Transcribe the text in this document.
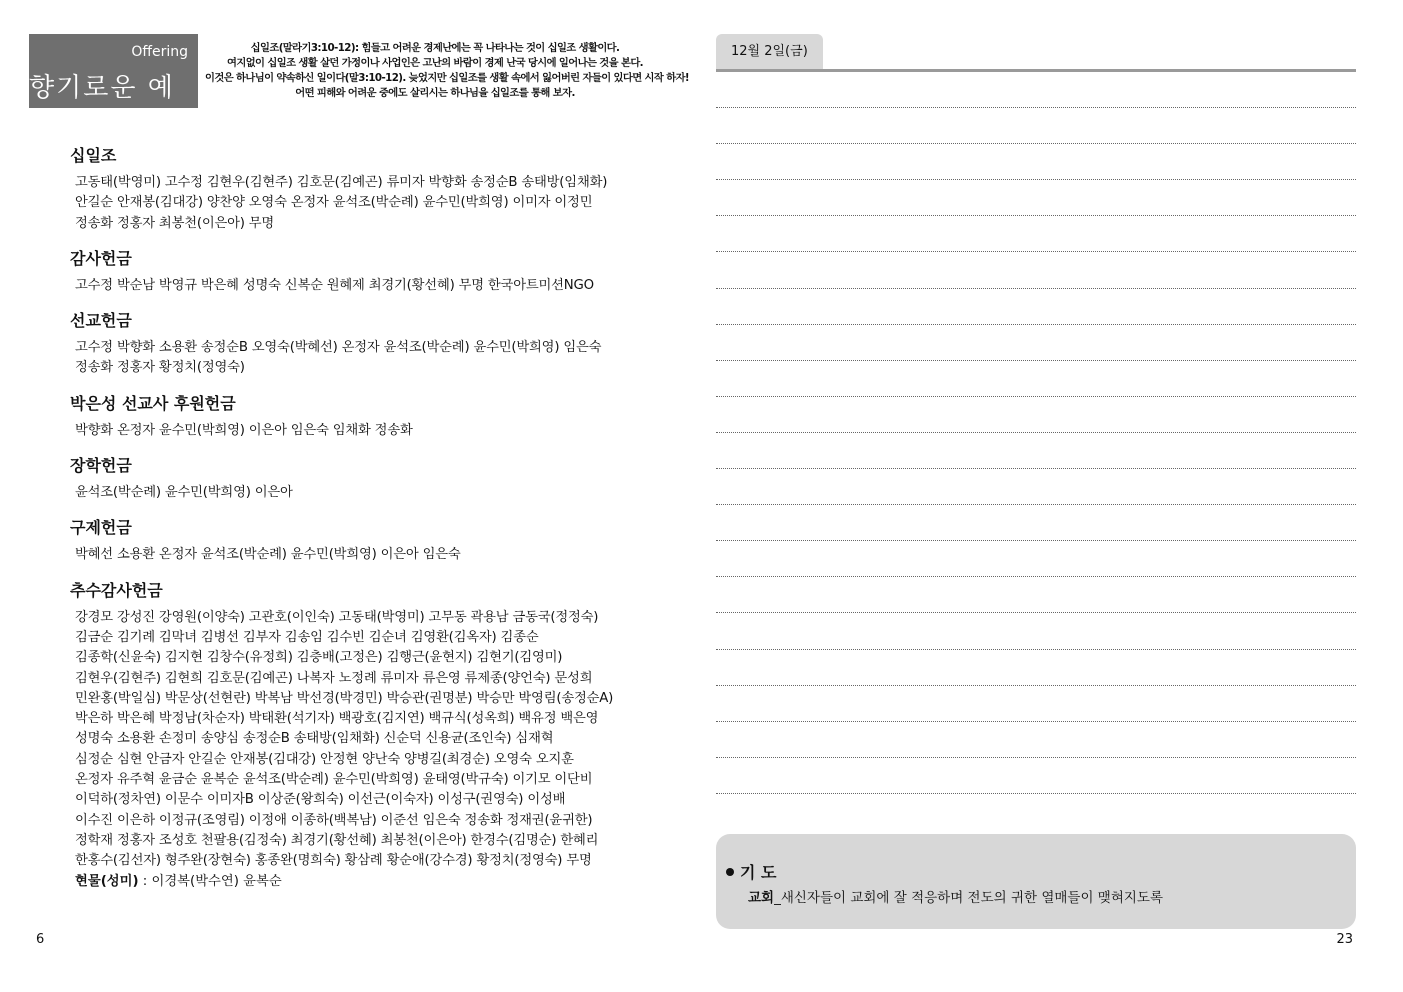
Offering
향기로운 예물
십일조(말라기3:10-12): 힘들고 어려운 경제난에는 꼭 나타나는 것이 십일조 생활이다.
여지없이 십일조 생활 살던 가정이나 사업인은 고난의 바람이 경제 난국 당시에 일어나는 것을 본다.
이것은 하나님이 약속하신 일이다(말3:10-12). 늦었지만 십일조를 생활 속에서 잃어버린 자들이 있다면 시작 하자!
어떤 피해와 어려운 중에도 살리시는 하나님을 십일조를 통해 보자.
십일조
고동태(박영미) 고수정 김현우(김현주) 김호문(김예곤) 류미자 박향화 송정순B 송태방(임채화)
안길순 안재봉(김대강) 양찬양 오영숙 온정자 윤석조(박순례) 윤수민(박희영) 이미자 이정민
정송화 정홍자 최봉천(이은아) 무명
감사헌금
고수정 박순남 박영규 박은혜 성명숙 신복순 원혜제 최경기(황선혜) 무명 한국아트미션NGO
선교헌금
고수정 박향화 소용환 송정순B 오영숙(박혜선) 온정자 윤석조(박순례) 윤수민(박희영) 임은숙
정송화 정홍자 황정치(정영숙)
박은성 선교사 후원헌금
박향화 온정자 윤수민(박희영) 이은아 임은숙 임채화 정송화
장학헌금
윤석조(박순례) 윤수민(박희영) 이은아
구제헌금
박혜선 소용환 온정자 윤석조(박순례) 윤수민(박희영) 이은아 임은숙
추수감사헌금
강경모 강성진 강영원(이양숙) 고관호(이인숙) 고동태(박영미) 고무동 곽용남 금동국(정정숙)
김금순 김기례 김막녀 김병선 김부자 김송임 김수빈 김순녀 김영환(김옥자) 김종순
김종학(신윤숙) 김지현 김창수(유정희) 김충배(고정은) 김행근(윤현지) 김현기(김영미)
김현우(김현주) 김현희 김호문(김예곤) 나복자 노정례 류미자 류은영 류제종(양언숙) 문성희
민완홍(박일심) 박문상(선현란) 박복남 박선경(박경민) 박승관(권명분) 박승만 박영림(송정순A)
박은하 박은혜 박정남(차순자) 박태환(석기자) 백광호(김지연) 백규식(성옥희) 백유정 백은영
성명숙 소용환 손정미 송양심 송정순B 송태방(임채화) 신순덕 신용균(조인숙) 심재혁
심정순 심현 안금자 안길순 안재봉(김대강) 안정현 양난숙 양병길(최경순) 오영숙 오지훈
온정자 유주혁 윤금순 윤복순 윤석조(박순례) 윤수민(박희영) 윤태영(박규숙) 이기모 이단비
이덕하(정차연) 이문수 이미자B 이상준(왕희숙) 이선근(이숙자) 이성구(권영숙) 이성배
이수진 이은하 이정규(조영림) 이정애 이종하(백복남) 이준선 임은숙 정송화 정재권(윤귀한)
정학재 정홍자 조성호 천팔용(김정숙) 최경기(황선혜) 최봉천(이은아) 한경수(김명순) 한혜리
한홍수(김선자) 형주완(장현숙) 홍종완(명희숙) 황삼례 황순애(강수경) 황정치(정영숙) 무명
현물(성미) : 이경복(박수연) 윤복순
6
12월 2일(금)
기 도
교회_새신자들이 교회에 잘 적응하며 전도의 귀한 열매들이 맺혀지도록
23
